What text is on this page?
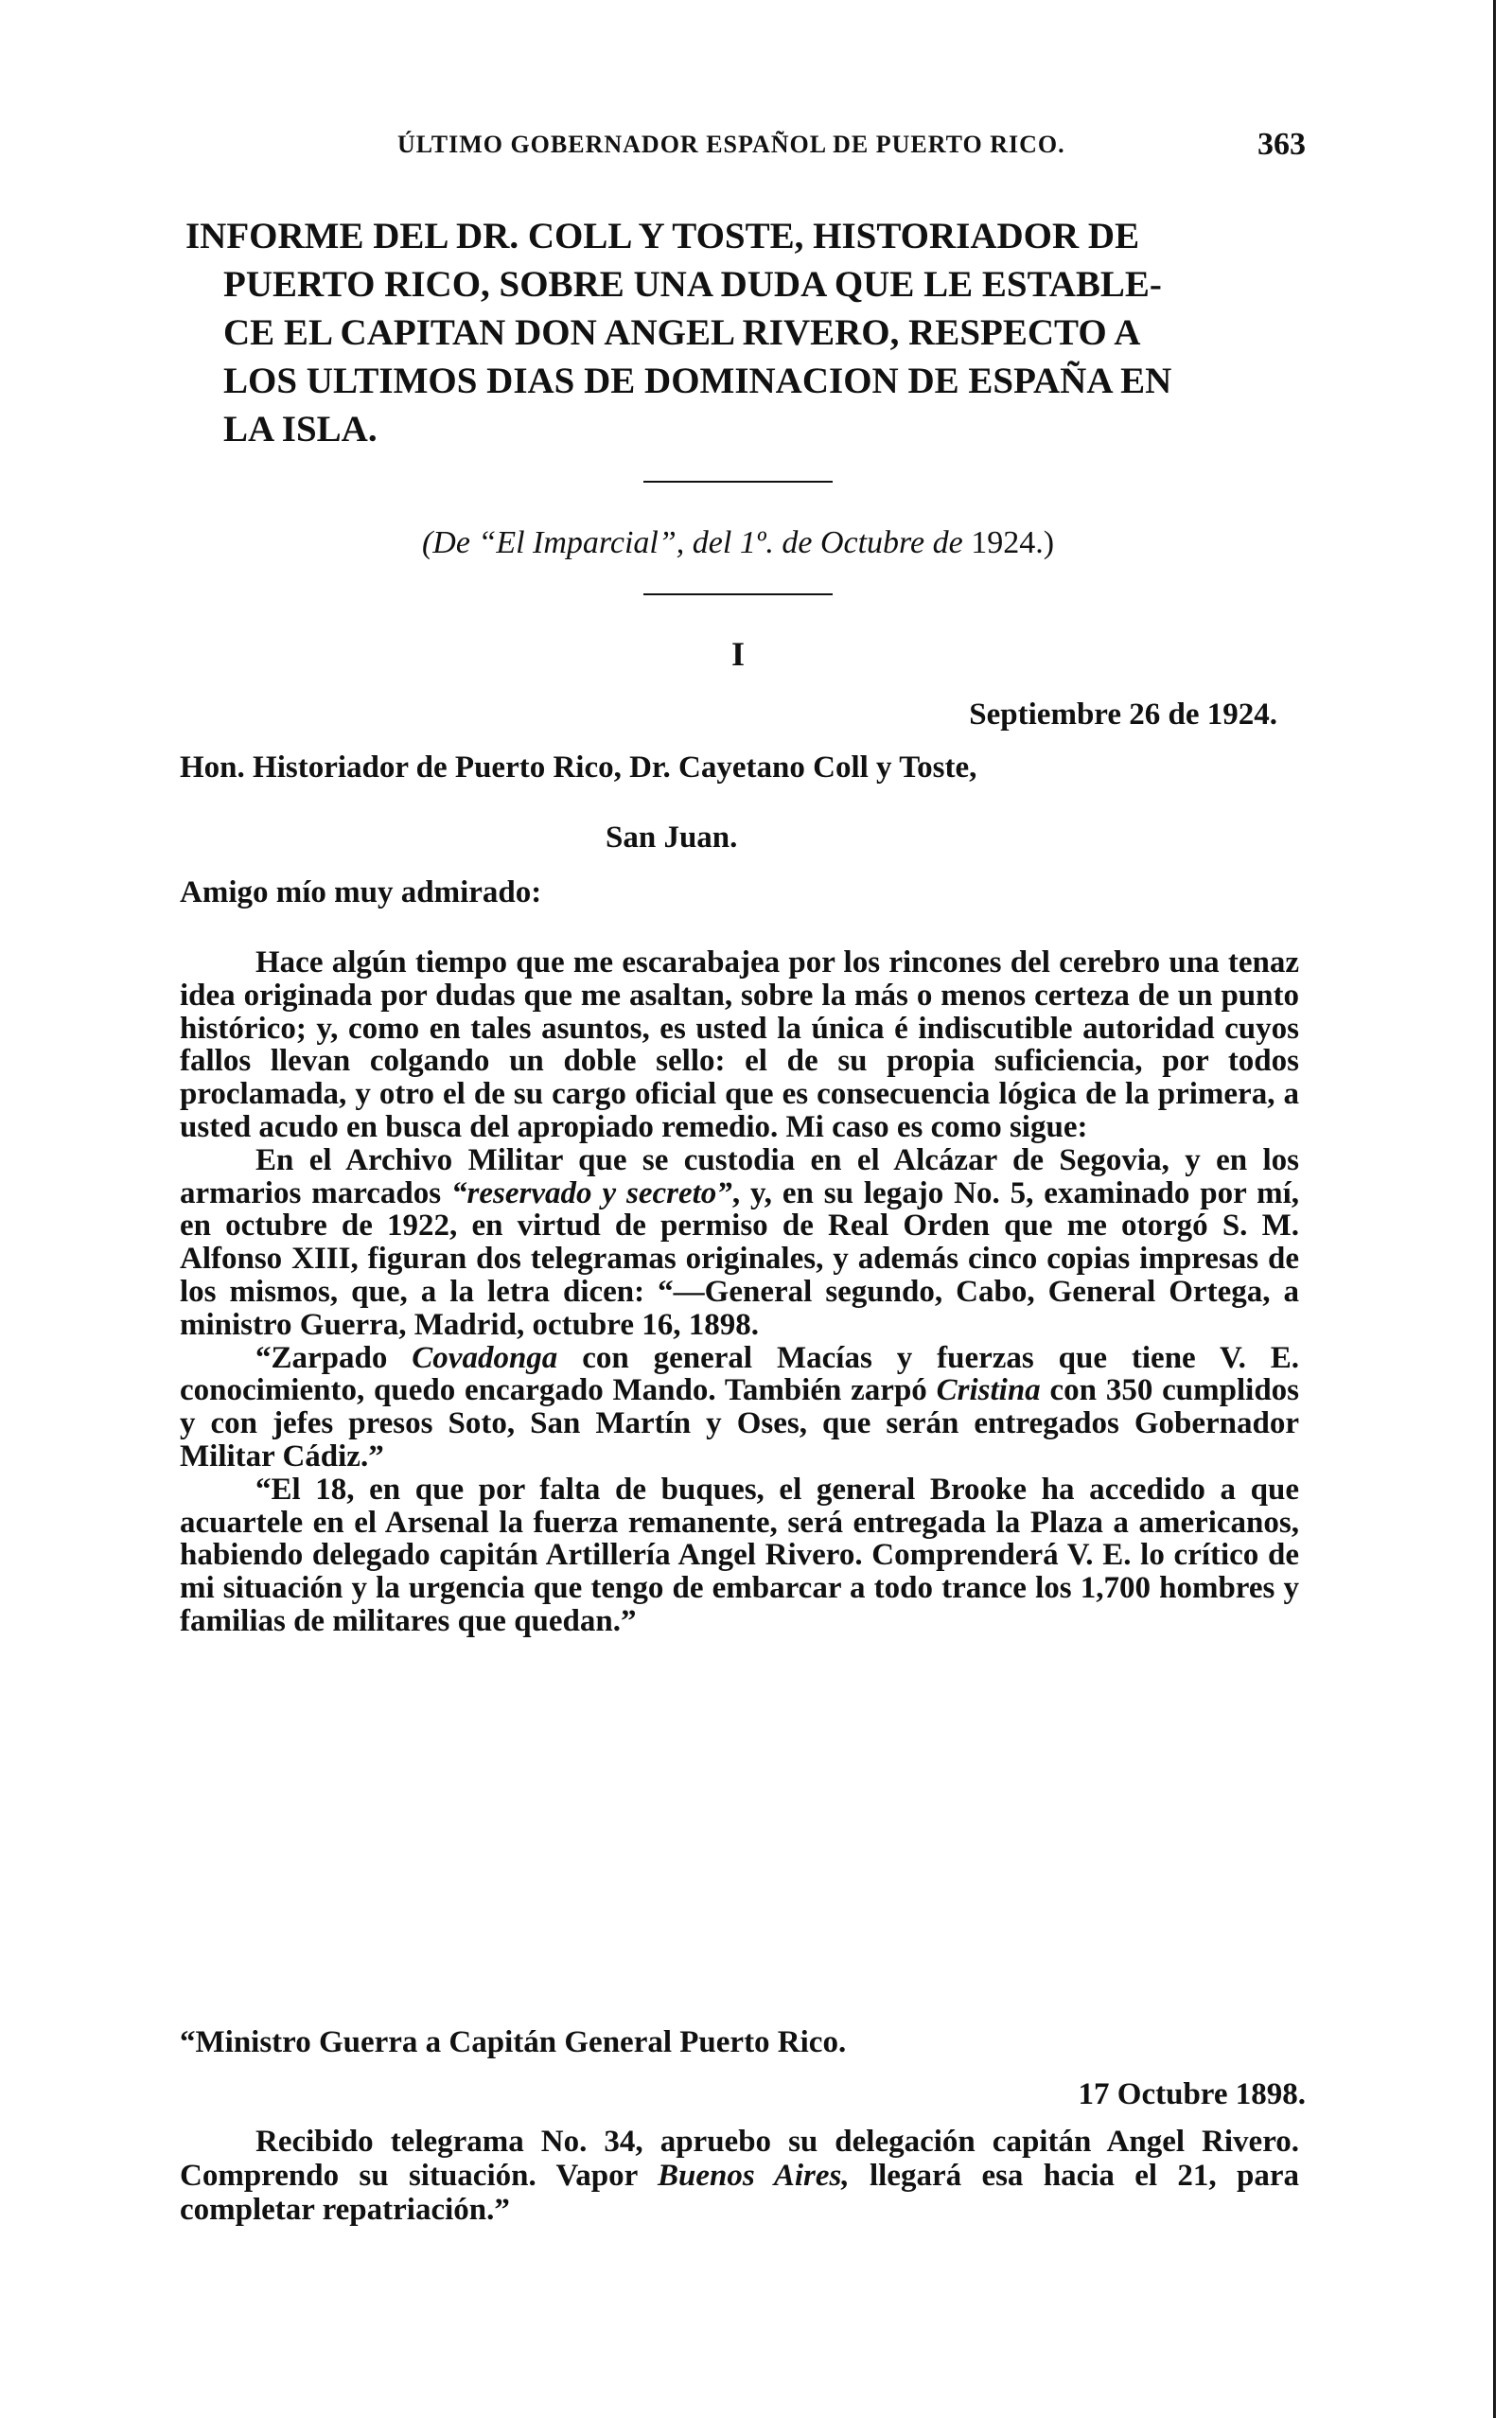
ÚLTIMO GOBERNADOR ESPAÑOL DE PUERTO RICO.	363
INFORME DEL DR. COLL Y TOSTE, HISTORIADOR DE
PUERTO RICO, SOBRE UNA DUDA QUE LE ESTABLE-
CE EL CAPITAN DON ANGEL RIVERO, RESPECTO A
LOS ULTIMOS DIAS DE DOMINACION DE ESPAÑA EN
LA ISLA.
(De “El Imparcial”, del 1º. de Octubre de 1924.)
I
Septiembre 26 de 1924.
Hon. Historiador de Puerto Rico, Dr. Cayetano Coll y Toste,
San Juan.
Amigo mío muy admirado:

Hace algún tiempo que me escarabajea por los rincones del cerebro una tenaz idea originada por dudas que me asaltan, sobre la más o menos certeza de un punto histórico; y, como en tales asuntos, es usted la única é indiscutible autoridad cuyos fallos llevan colgando un doble sello: el de su propia suficiencia, por todos proclamada, y otro el de su cargo oficial que es consecuencia lógica de la primera, a usted acudo en busca del apropiado remedio. Mi caso es como sigue:

En el Archivo Militar que se custodia en el Alcázar de Segovia, y en los armarios marcados “reservado y secreto”, y, en su legajo No. 5, examinado por mí, en octubre de 1922, en virtud de permiso de Real Orden que me otorgó S. M. Alfonso XIII, figuran dos telegramas originales, y además cinco copias impresas de los mismos, que, a la letra dicen: “—General segundo, Cabo, General Ortega, a ministro Guerra, Madrid, octubre 16, 1898.

“Zarpado Covadonga con general Macías y fuerzas que tiene V. E. conocimiento, quedo encargado Mando. También zarpó Cristina con 350 cumplidos y con jefes presos Soto, San Martín y Oses, que serán entregados Gobernador Militar Cádiz.”

“El 18, en que por falta de buques, el general Brooke ha accedido a que acuartele en el Arsenal la fuerza remanente, será entregada la Plaza a americanos, habiendo delegado capitán Artillería Angel Rivero. Comprenderá V. E. lo crítico de mi situación y la urgencia que tengo de embarcar a todo trance los 1,700 hombres y familias de militares que quedan.”

“Ministro Guerra a Capitán General Puerto Rico.
17 Octubre 1898.

Recibido telegrama No. 34, apruebo su delegación capitán Angel Rivero. Comprendo su situación. Vapor Buenos Aires, llegará esa hacia el 21, para completar repatriación.”
